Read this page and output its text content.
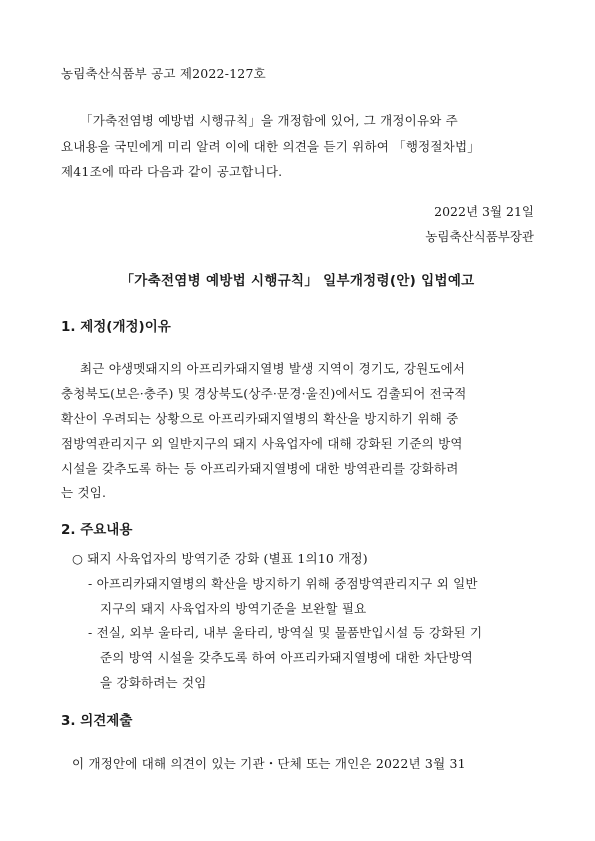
농림축산식품부 공고 제2022-127호
「가축전염병 예방법 시행규칙」을 개정함에 있어, 그 개정이유와 주
요내용을 국민에게 미리 알려 이에 대한 의견을 듣기 위하여 「행정절차법」
제41조에 따라 다음과 같이 공고합니다.
2022년 3월 21일
농림축산식품부장관
「가축전염병 예방법 시행규칙」 일부개정령(안) 입법예고
1. 제정(개정)이유
최근 야생멧돼지의 아프리카돼지열병 발생 지역이 경기도, 강원도에서
충청북도(보은·충주) 및 경상북도(상주·문경·울진)에서도 검출되어 전국적
확산이 우려되는 상황으로 아프리카돼지열병의 확산을 방지하기 위해 중
점방역관리지구 외 일반지구의 돼지 사육업자에 대해 강화된 기준의 방역
시설을 갖추도록 하는 등 아프리카돼지열병에 대한 방역관리를 강화하려
는 것임.
2. 주요내용
○ 돼지 사육업자의 방역기준 강화 (별표 1의10 개정)
- 아프리카돼지열병의 확산을 방지하기 위해 중점방역관리지구 외 일반
지구의 돼지 사육업자의 방역기준을 보완할 필요
- 전실, 외부 울타리, 내부 울타리, 방역실 및 물품반입시설 등 강화된 기
준의 방역 시설을 갖추도록 하여 아프리카돼지열병에 대한 차단방역
을 강화하려는 것임
3. 의견제출
이 개정안에 대해 의견이 있는 기관・단체 또는 개인은 2022년 3월 31
